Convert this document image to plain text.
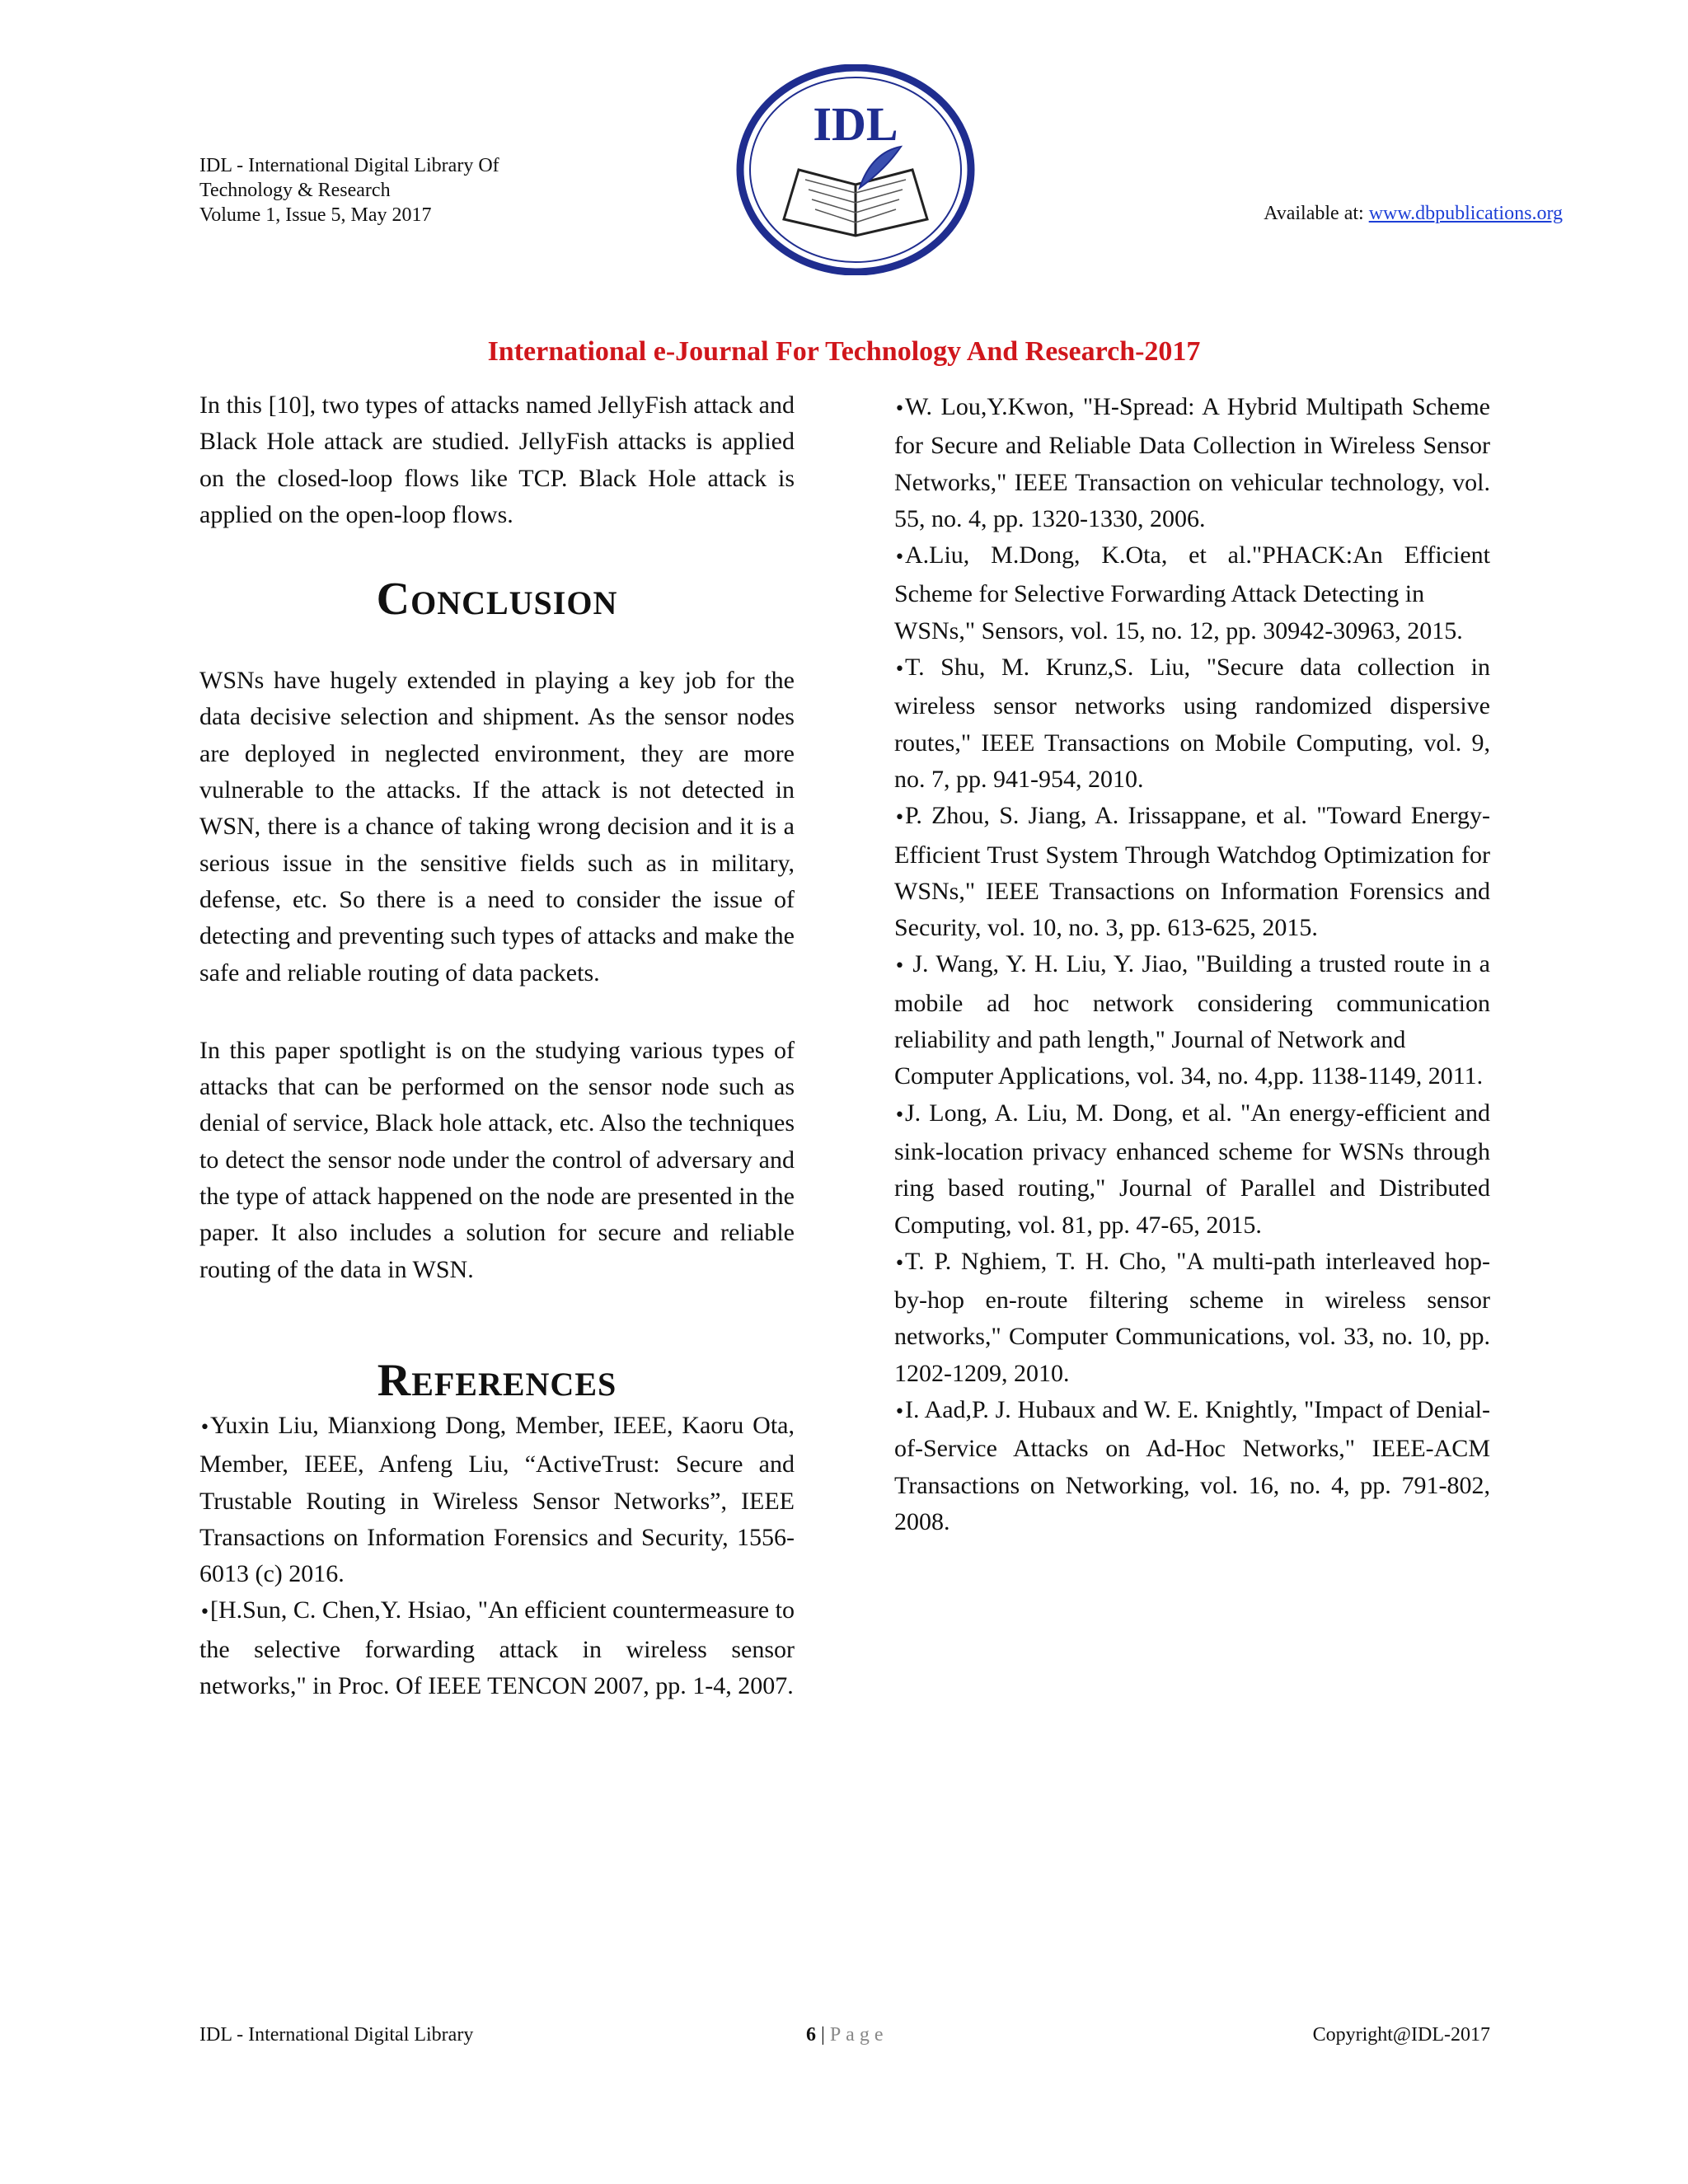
IDL - International Digital Library Of
Technology & Research
Volume 1, Issue 5, May 2017
IDL
Available at: www.dbpublications.org
International e-Journal For Technology And Research-2017

In this [10], two types of attacks named JellyFish attack and Black Hole attack are studied. JellyFish attacks is applied on the closed-loop flows like TCP. Black Hole attack is applied on the open-loop flows.

CONCLUSION

WSNs have hugely extended in playing a key job for the data decisive selection and shipment. As the sensor nodes are deployed in neglected environment, they are more vulnerable to the attacks. If the attack is not detected in WSN, there is a chance of taking wrong decision and it is a serious issue in the sensitive fields such as in military, defense, etc. So there is a need to consider the issue of detecting and preventing such types of attacks and make the safe and reliable routing of data packets.

In this paper spotlight is on the studying various types of attacks that can be performed on the sensor node such as denial of service, Black hole attack, etc. Also the techniques to detect the sensor node under the control of adversary and the type of attack happened on the node are presented in the paper. It also includes a solution for secure and reliable routing of the data in WSN.

REFERENCES

•Yuxin Liu, Mianxiong Dong, Member, IEEE, Kaoru Ota, Member, IEEE, Anfeng Liu, “ActiveTrust: Secure and Trustable Routing in Wireless Sensor Networks”, IEEE Transactions on Information Forensics and Security, 1556-6013 (c) 2016.

•[H.Sun, C. Chen,Y. Hsiao, "An efficient countermeasure to the selective forwarding attack in wireless sensor networks," in Proc. Of IEEE TENCON 2007, pp. 1-4, 2007.

•W. Lou,Y.Kwon, "H-Spread: A Hybrid Multipath Scheme for Secure and Reliable Data Collection in Wireless Sensor Networks," IEEE Transaction on vehicular technology, vol. 55, no. 4, pp. 1320-1330, 2006.

•A.Liu, M.Dong, K.Ota, et al."PHACK:An Efficient Scheme for Selective Forwarding Attack Detecting in

WSNs," Sensors, vol. 15, no. 12, pp. 30942-30963, 2015.

•T. Shu, M. Krunz,S. Liu, "Secure data collection in wireless sensor networks using randomized dispersive routes," IEEE Transactions on Mobile Computing, vol. 9, no. 7, pp. 941-954, 2010.

•P. Zhou, S. Jiang, A. Irissappane, et al. "Toward Energy-Efficient Trust System Through Watchdog Optimization for WSNs," IEEE Transactions on Information Forensics and Security, vol. 10, no. 3, pp. 613-625, 2015.

• J. Wang, Y. H. Liu, Y. Jiao, "Building a trusted route in a mobile ad hoc network considering communication reliability and path length," Journal of Network and

Computer Applications, vol. 34, no. 4,pp. 1138-1149, 2011.

•J. Long, A. Liu, M. Dong, et al. "An energy-efficient and sink-location privacy enhanced scheme for WSNs through ring based routing," Journal of Parallel and Distributed Computing, vol. 81, pp. 47-65, 2015.

•T. P. Nghiem, T. H. Cho, "A multi-path interleaved hop-by-hop en-route filtering scheme in wireless sensor networks," Computer Communications, vol. 33, no. 10, pp. 1202-1209, 2010.

•I. Aad,P. J. Hubaux and W. E. Knightly, "Impact of Denial-of-Service Attacks on Ad-Hoc Networks," IEEE-ACM Transactions on Networking, vol. 16, no. 4, pp. 791-802, 2008.

IDL - International Digital Library	6 | Page	Copyright@IDL-2017
